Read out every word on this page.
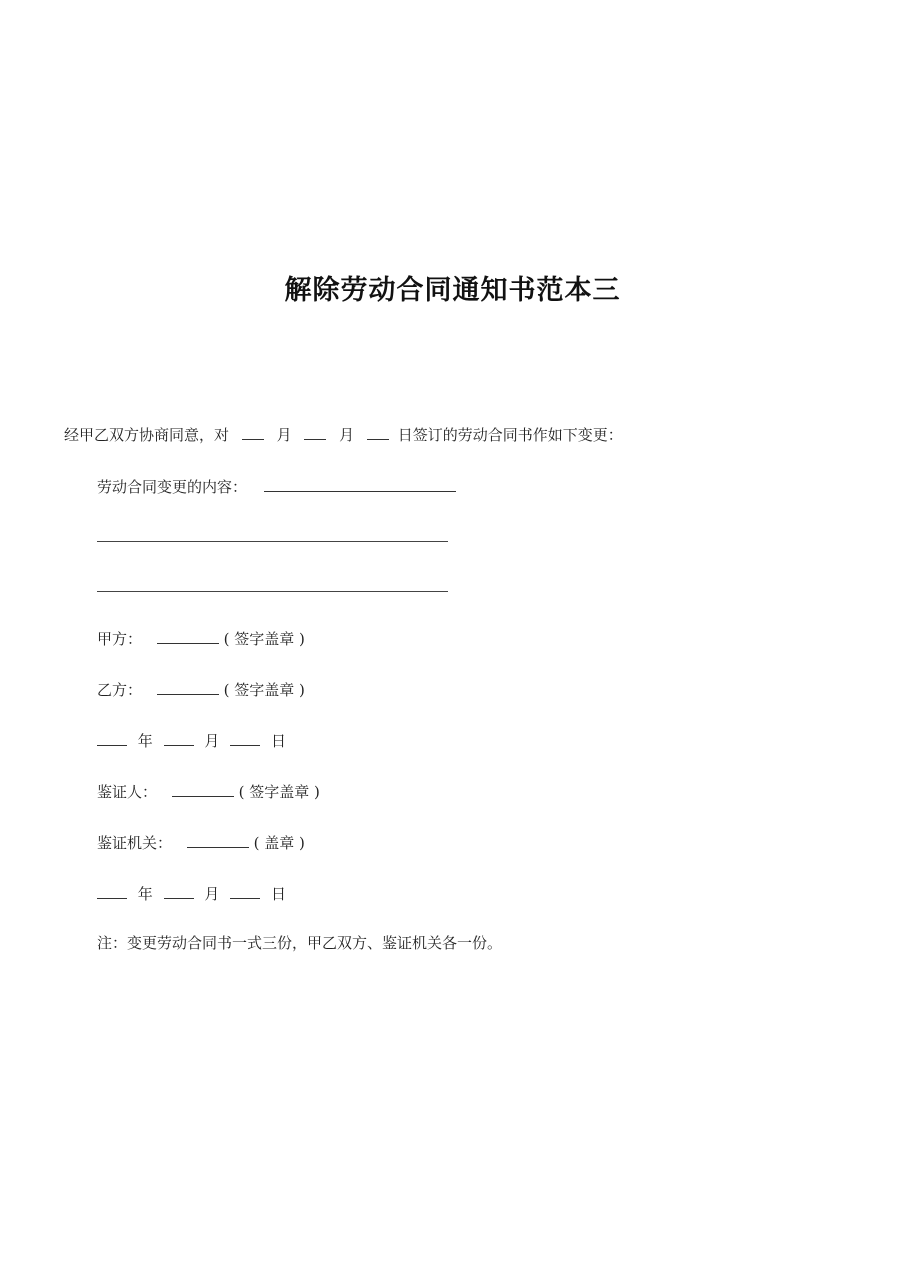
解除劳动合同通知书范本三
经甲乙双方协商同意，对	月	月	日签订的劳动合同书作如下变更：
劳动合同变更的内容：
甲方：	( 签字盖章 )
乙方：	( 签字盖章 )
年	月	日
鉴证人：	( 签字盖章 )
鉴证机关：	( 盖章 )
年	月	日
注：变更劳动合同书一式三份，甲乙双方、鉴证机关各一份。
